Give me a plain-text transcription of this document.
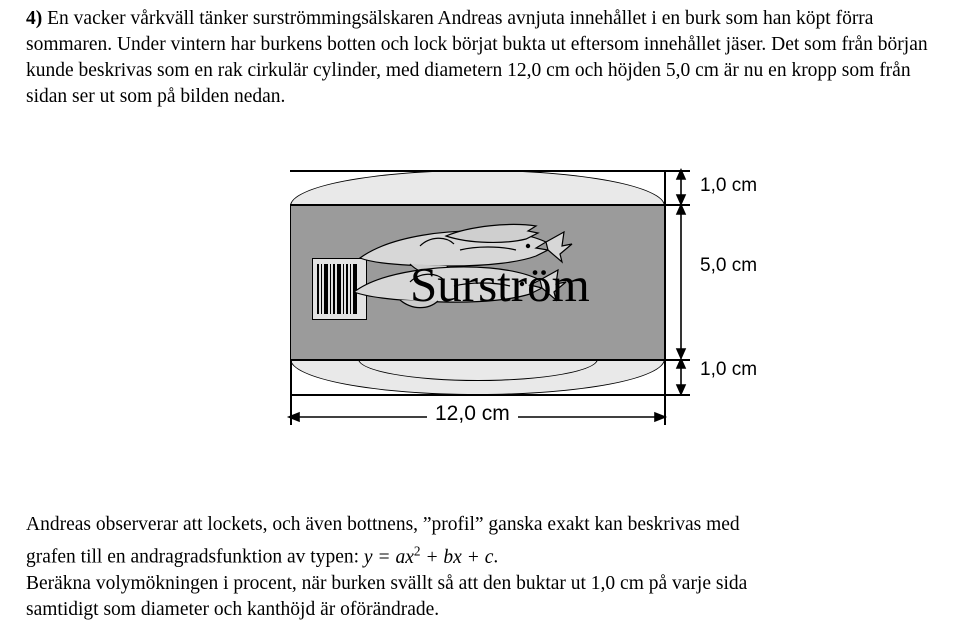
4) En vacker vårkväll tänker surströmmingsälskaren Andreas avnjuta innehållet i en burk som han köpt förra sommaren. Under vintern har burkens botten och lock börjat bukta ut eftersom innehållet jäser. Det som från början kunde beskrivas som en rak cirkulär cylinder, med diametern 12,0 cm och höjden 5,0 cm är nu en kropp som från sidan ser ut som på bilden nedan.
Surström
1,0 cm
5,0 cm
1,0 cm
12,0 cm
Andreas observerar att lockets, och även bottnens, ”profil” ganska exakt kan beskrivas med
grafen till en andragradsfunktion av typen: $y = ax^2$ + bx + c.
Beräkna volymökningen i procent, när burken svällt så att den buktar ut 1,0 cm på varje sida
samtidigt som diameter och kanthöjd är oförändrade.
